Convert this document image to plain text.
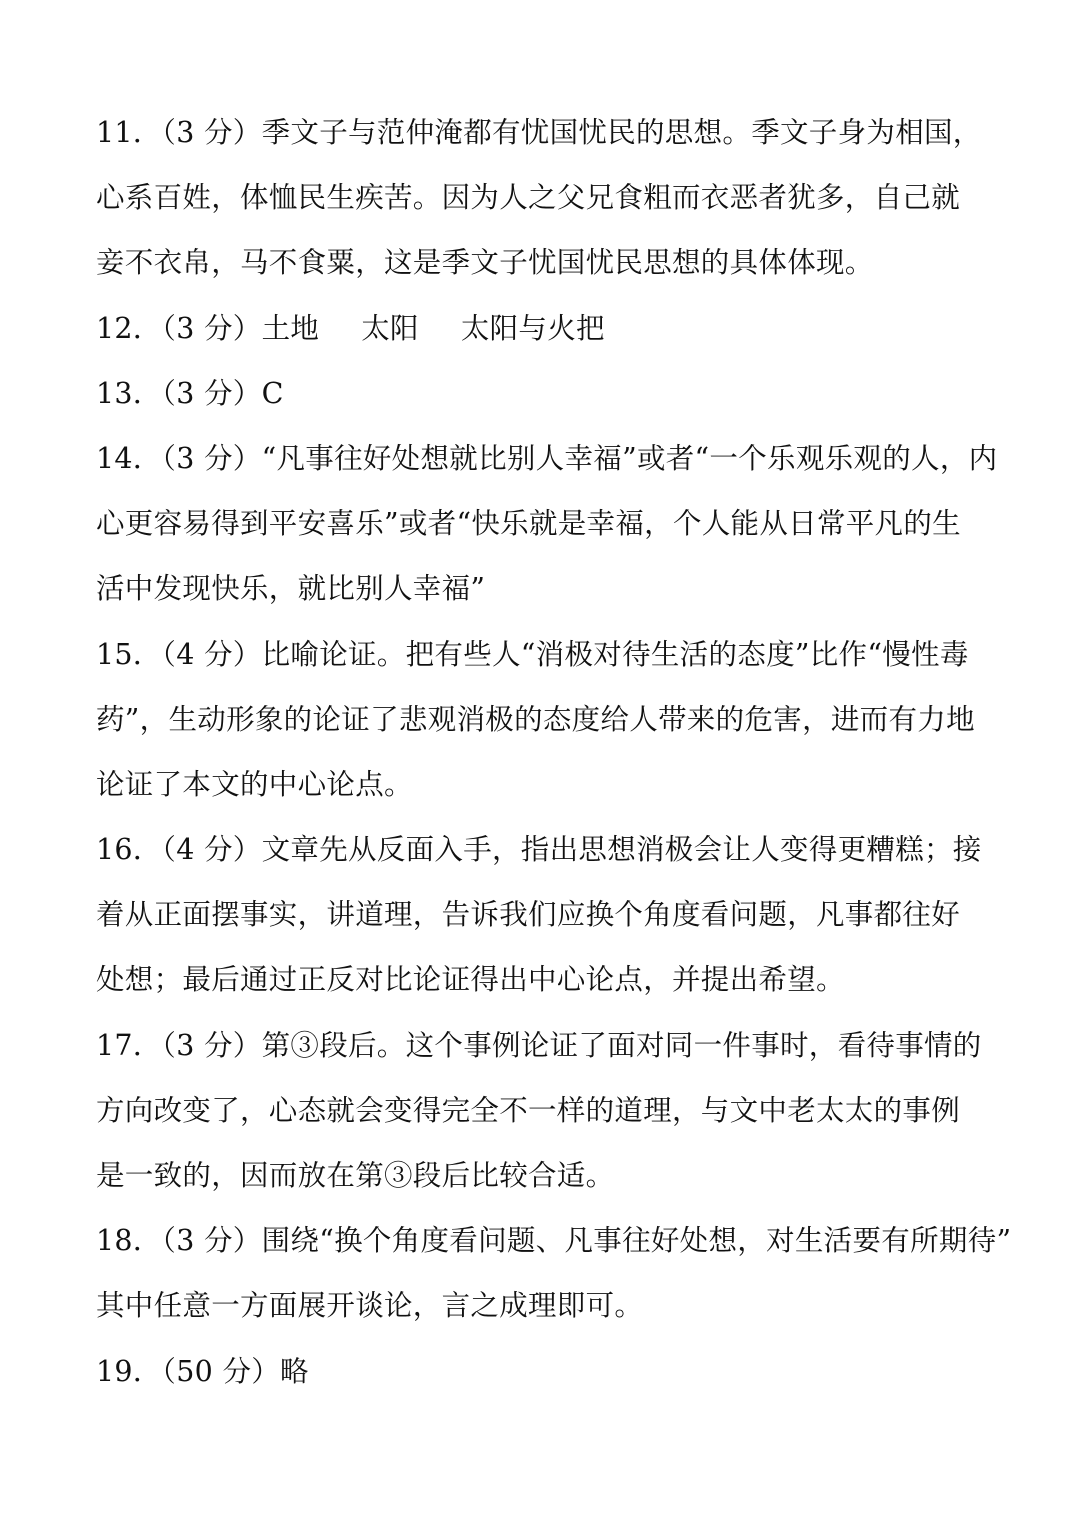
11．（3 分）季文子与范仲淹都有忧国忧民的思想。季文子身为相国，
心系百姓，体恤民生疾苦。因为人之父兄食粗而衣恶者犹多，自己就
妾不衣帛，马不食粟，这是季文子忧国忧民思想的具体体现。
12．（3 分）土地 太阳 太阳与火把
13．（3 分）C
14．（3 分）“凡事往好处想就比别人幸福”或者“一个乐观乐观的人，内
心更容易得到平安喜乐”或者“快乐就是幸福，个人能从日常平凡的生
活中发现快乐，就比别人幸福”
15．（4 分）比喻论证。把有些人“消极对待生活的态度”比作“慢性毒
药”，生动形象的论证了悲观消极的态度给人带来的危害，进而有力地
论证了本文的中心论点。
16．（4 分）文章先从反面入手，指出思想消极会让人变得更糟糕；接
着从正面摆事实，讲道理，告诉我们应换个角度看问题，凡事都往好
处想；最后通过正反对比论证得出中心论点，并提出希望。
17．（3 分）第③段后。这个事例论证了面对同一件事时，看待事情的
方向改变了，心态就会变得完全不一样的道理，与文中老太太的事例
是一致的，因而放在第③段后比较合适。
18．（3 分）围绕“换个角度看问题、凡事往好处想，对生活要有所期待”
其中任意一方面展开谈论，言之成理即可。
19．（50 分）略
